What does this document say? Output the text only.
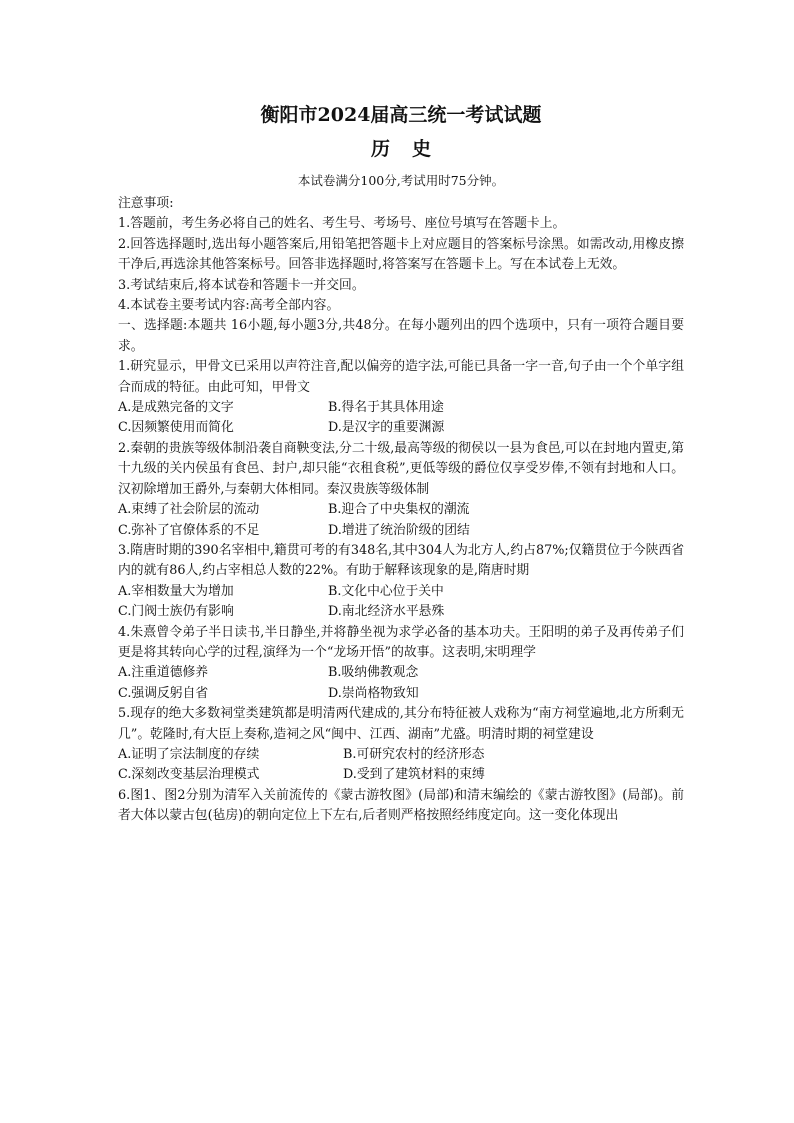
衡阳市2024届高三统一考试试题
历史
本试卷满分100分,考试用时75分钟。

注意事项:

1.答题前，考生务必将自己的姓名、考生号、考场号、座位号填写在答题卡上。

2.回答选择题时,选出每小题答案后,用铅笔把答题卡上对应题目的答案标号涂黑。如需改动,用橡皮擦干净后,再选涂其他答案标号。回答非选择题时,将答案写在答题卡上。写在本试卷上无效。

3.考试结束后,将本试卷和答题卡一并交回。

4.本试卷主要考试内容:高考全部内容。

一、选择题:本题共 16小题,每小题3分,共48分。在每小题列出的四个选项中，只有一项符合题目要求。

1.研究显示，甲骨文已采用以声符注音,配以偏旁的造字法,可能已具备一字一音,句子由一个个单字组合而成的特征。由此可知，甲骨文

A.是成熟完备的文字	B.得名于其具体用途
C.因频繁使用而简化	D.是汉字的重要渊源

2.秦朝的贵族等级体制沿袭自商鞅变法,分二十级,最高等级的彻侯以一县为食邑,可以在封地内置吏,第十九级的关内侯虽有食邑、封户,却只能“衣租食税”,更低等级的爵位仅享受岁俸,不领有封地和人口。汉初除增加王爵外,与秦朝大体相同。秦汉贵族等级体制

A.束缚了社会阶层的流动	B.迎合了中央集权的潮流
C.弥补了官僚体系的不足	D.增进了统治阶级的团结

3.隋唐时期的390名宰相中,籍贯可考的有348名,其中304人为北方人,约占87%;仅籍贯位于今陕西省内的就有86人,约占宰相总人数的22%。有助于解释该现象的是,隋唐时期

A.宰相数量大为增加	B.文化中心位于关中
C.门阀士族仍有影响	D.南北经济水平悬殊

4.朱熹曾令弟子半日读书,半日静坐,并将静坐视为求学必备的基本功夫。王阳明的弟子及再传弟子们更是将其转向心学的过程,演绎为一个“龙场开悟”的故事。这表明,宋明理学

A.注重道德修养	B.吸纳佛教观念
C.强调反躬自省	D.崇尚格物致知

5.现存的绝大多数祠堂类建筑都是明清两代建成的,其分布特征被人戏称为“南方祠堂遍地,北方所剩无几”。乾隆时,有大臣上奏称,造祠之风“闽中、江西、湖南”尤盛。明清时期的祠堂建设

A.证明了宗法制度的存续	B.可研究农村的经济形态
C.深刻改变基层治理模式	D.受到了建筑材料的束缚

6.图1、图2分别为清军入关前流传的《蒙古游牧图》(局部)和清末编绘的《蒙古游牧图》(局部)。前者大体以蒙古包(毡房)的朝向定位上下左右,后者则严格按照经纬度定向。这一变化体现出
